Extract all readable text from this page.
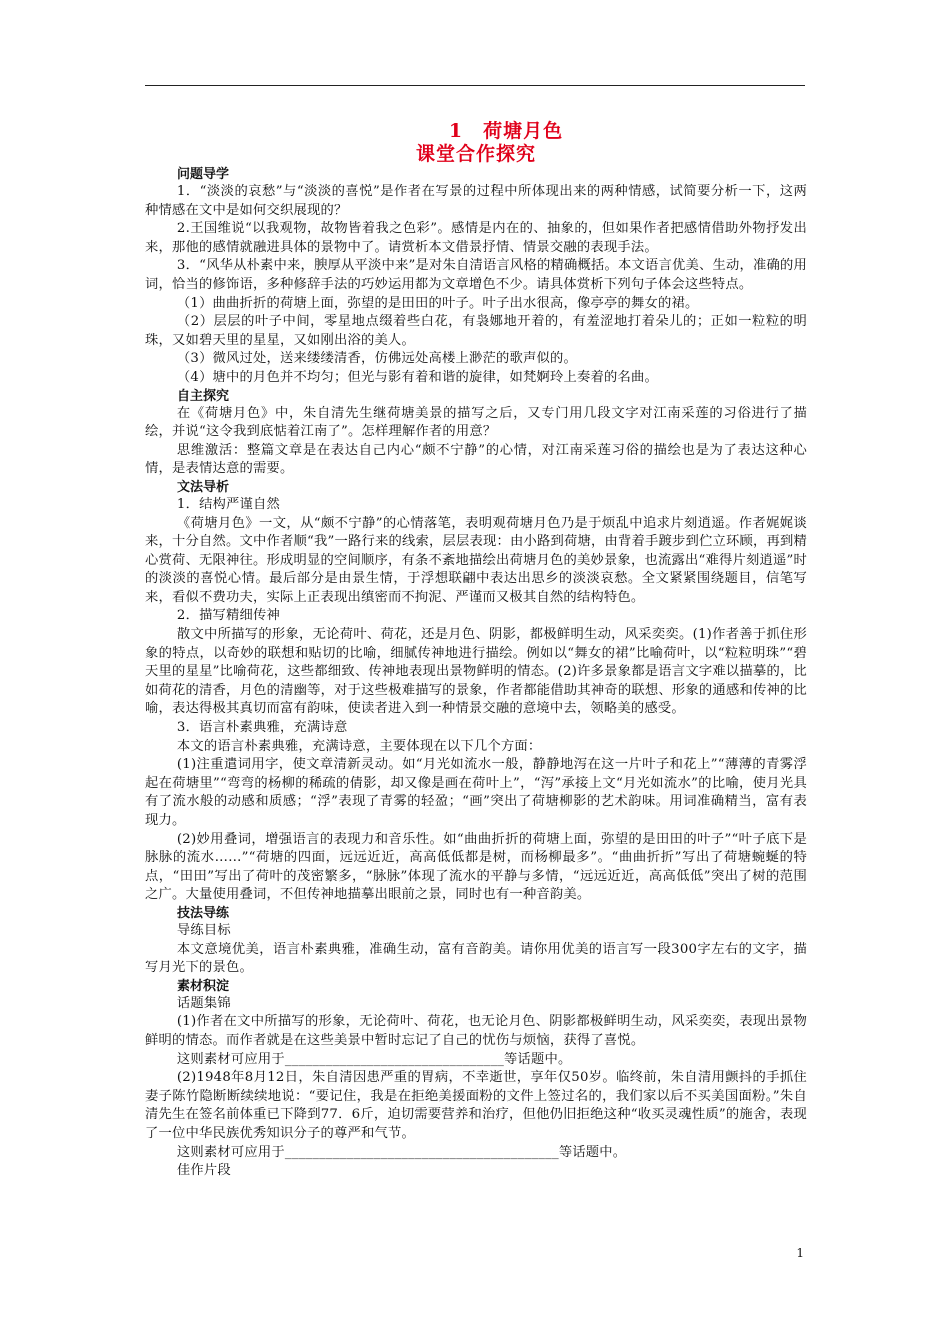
1　荷塘月色
课堂合作探究
问题导学

1．“淡淡的哀愁”与“淡淡的喜悦”是作者在写景的过程中所体现出来的两种情感，试简要分析一下，这两种情感在文中是如何交织展现的？

2.王国维说“以我观物，故物皆着我之色彩”。感情是内在的、抽象的，但如果作者把感情借助外物抒发出来，那他的感情就融进具体的景物中了。请赏析本文借景抒情、情景交融的表现手法。

3．“风华从朴素中来，腴厚从平淡中来”是对朱自清语言风格的精确概括。本文语言优美、生动，准确的用词，恰当的修饰语，多种修辞手法的巧妙运用都为文章增色不少。请具体赏析下列句子体会这些特点。

（1）曲曲折折的荷塘上面，弥望的是田田的叶子。叶子出水很高，像亭亭的舞女的裙。

（2）层层的叶子中间，零星地点缀着些白花，有袅娜地开着的，有羞涩地打着朵儿的；正如一粒粒的明珠，又如碧天里的星星，又如刚出浴的美人。

（3）微风过处，送来缕缕清香，仿佛远处高楼上渺茫的歌声似的。

（4）塘中的月色并不均匀；但光与影有着和谐的旋律，如梵婀玲上奏着的名曲。

自主探究

在《荷塘月色》中，朱自清先生继荷塘美景的描写之后，又专门用几段文字对江南采莲的习俗进行了描绘，并说“这令我到底惦着江南了”。怎样理解作者的用意？

思维激活：整篇文章是在表达自己内心“颇不宁静”的心情，对江南采莲习俗的描绘也是为了表达这种心情，是表情达意的需要。

文法导析

1．结构严谨自然

《荷塘月色》一文，从“颇不宁静”的心情落笔，表明观荷塘月色乃是于烦乱中追求片刻逍遥。作者娓娓谈来，十分自然。文中作者顺“我”一路行来的线索，层层表现：由小路到荷塘，由背着手踱步到伫立环顾，再到精心赏荷、无限神往。形成明显的空间顺序，有条不紊地描绘出荷塘月色的美妙景象，也流露出“难得片刻逍遥”时的淡淡的喜悦心情。最后部分是由景生情，于浮想联翩中表达出思乡的淡淡哀愁。全文紧紧围绕题目，信笔写来，看似不费功夫，实际上正表现出缜密而不拘泥、严谨而又极其自然的结构特色。

2．描写精细传神

散文中所描写的形象，无论荷叶、荷花，还是月色、阴影，都极鲜明生动，风采奕奕。(1)作者善于抓住形象的特点，以奇妙的联想和贴切的比喻，细腻传神地进行描绘。例如以“舞女的裙”比喻荷叶，以“粒粒明珠”“碧天里的星星”比喻荷花，这些都细致、传神地表现出景物鲜明的情态。(2)许多景象都是语言文字难以描摹的，比如荷花的清香，月色的清幽等，对于这些极难描写的景象，作者都能借助其神奇的联想、形象的通感和传神的比喻，表达得极其真切而富有韵味，使读者进入到一种情景交融的意境中去，领略美的感受。

3．语言朴素典雅，充满诗意

本文的语言朴素典雅，充满诗意，主要体现在以下几个方面：

(1)注重遣词用字，使文章清新灵动。如“月光如流水一般，静静地泻在这一片叶子和花上”“薄薄的青雾浮起在荷塘里”“弯弯的杨柳的稀疏的倩影，却又像是画在荷叶上”，“泻”承接上文“月光如流水”的比喻，使月光具有了流水般的动感和质感；“浮”表现了青雾的轻盈；“画”突出了荷塘柳影的艺术韵味。用词准确精当，富有表现力。

(2)妙用叠词，增强语言的表现力和音乐性。如“曲曲折折的荷塘上面，弥望的是田田的叶子”“叶子底下是脉脉的流水……”“荷塘的四面，远远近近，高高低低都是树，而杨柳最多”。“曲曲折折”写出了荷塘蜿蜒的特点，“田田”写出了荷叶的茂密繁多，“脉脉”体现了流水的平静与多情，“远远近近，高高低低”突出了树的范围之广。大量使用叠词，不但传神地描摹出眼前之景，同时也有一种音韵美。

技法导练

导练目标

本文意境优美，语言朴素典雅，准确生动，富有音韵美。请你用优美的语言写一段300字左右的文字，描写月光下的景色。

素材积淀

话题集锦

(1)作者在文中所描写的形象，无论荷叶、荷花，也无论月色、阴影都极鲜明生动，风采奕奕，表现出景物鲜明的情态。而作者就是在这些美景中暂时忘记了自己的忧伤与烦恼，获得了喜悦。

这则素材可应用于________________________________等话题中。

(2)1948年8月12日，朱自清因患严重的胃病，不幸逝世，享年仅50岁。临终前，朱自清用颤抖的手抓住妻子陈竹隐断断续续地说：“要记住，我是在拒绝美援面粉的文件上签过名的，我们家以后不买美国面粉。”朱自清先生在签名前体重已下降到77．6斤，迫切需要营养和治疗，但他仍旧拒绝这种“收买灵魂性质”的施舍，表现了一位中华民族优秀知识分子的尊严和气节。

这则素材可应用于________________________________________等话题中。

佳作片段

1
